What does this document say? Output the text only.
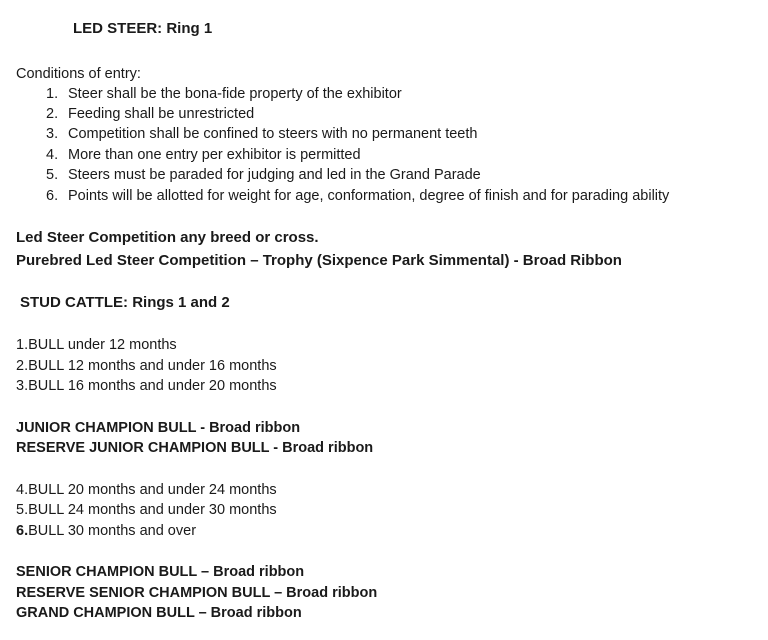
LED STEER: Ring 1
Conditions of entry:
1. Steer shall be the bona-fide property of the exhibitor
2. Feeding shall be unrestricted
3. Competition shall be confined to steers with no permanent teeth
4. More than one entry per exhibitor is permitted
5. Steers must be paraded for judging and led in the Grand Parade
6. Points will be allotted for weight for age, conformation, degree of finish and for parading ability
Led Steer Competition any breed or cross.
Purebred Led Steer Competition – Trophy (Sixpence Park Simmental) - Broad Ribbon
STUD CATTLE: Rings 1 and 2
1.BULL under 12 months
2.BULL 12 months and under 16 months
3.BULL 16 months and under 20 months
JUNIOR CHAMPION BULL - Broad ribbon
RESERVE JUNIOR CHAMPION BULL - Broad ribbon
4.BULL 20 months and under 24 months
5.BULL 24 months and under 30 months
6.BULL 30 months and over
SENIOR CHAMPION BULL – Broad ribbon
RESERVE SENIOR CHAMPION BULL – Broad ribbon
GRAND CHAMPION BULL – Broad ribbon
